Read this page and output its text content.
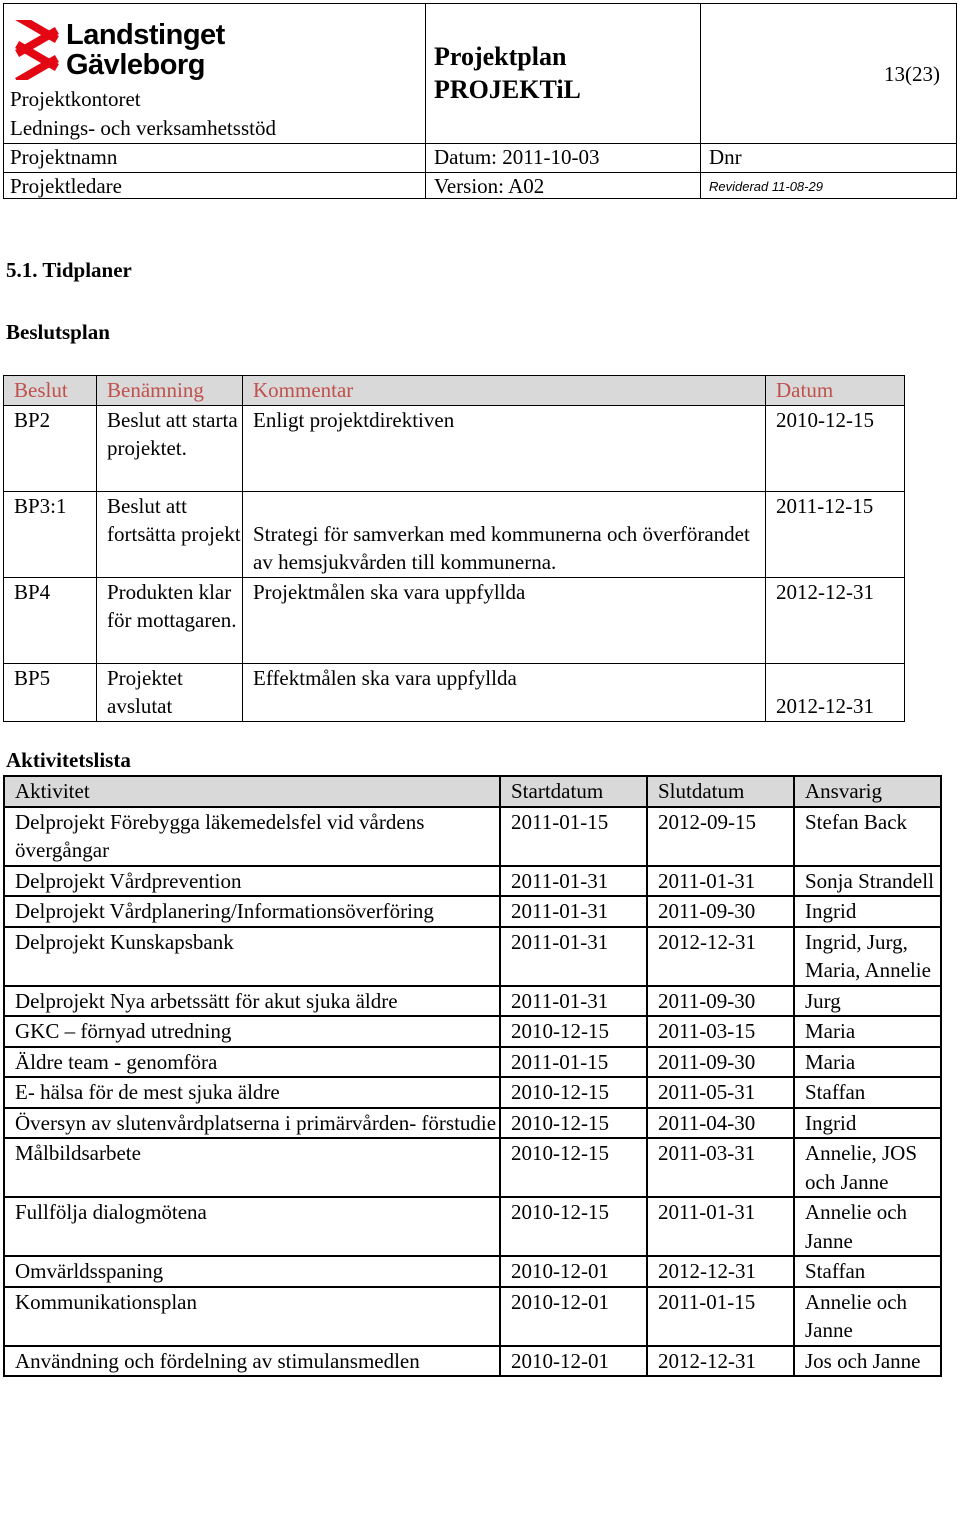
Landstinget
Gävleborg
Projektkontoret
Lednings- och verksamhetsstöd
Projektplan
PROJEKTiL
13(23)
Projektnamn	Datum: 2011-10-03	Dnr
Projektledare	Version: A02	Reviderad 11-08-29
5.1. Tidplaner
Beslutsplan
Beslut	Benämning	Kommentar	Datum
BP2	Beslut att starta projektet.	Enligt projektdirektiven	2010-12-15
BP3:1	Beslut att fortsätta projekt	Strategi för samverkan med kommunerna och överförandet av hemsjukvården till kommunerna.	2011-12-15
BP4	Produkten klar för mottagaren.	Projektmålen ska vara uppfyllda	2012-12-31
BP5	Projektet avslutat	Effektmålen ska vara uppfyllda	2012-12-31
Aktivitetslista
Aktivitet	Startdatum	Slutdatum	Ansvarig
Delprojekt Förebygga läkemedelsfel vid vårdens övergångar	2011-01-15	2012-09-15	Stefan Back
Delprojekt Vårdprevention	2011-01-31	2011-01-31	Sonja Strandell
Delprojekt Vårdplanering/Informationsöverföring	2011-01-31	2011-09-30	Ingrid
Delprojekt Kunskapsbank	2011-01-31	2012-12-31	Ingrid, Jurg, Maria, Annelie
Delprojekt Nya arbetssätt för akut sjuka äldre	2011-01-31	2011-09-30	Jurg
GKC – förnyad utredning	2010-12-15	2011-03-15	Maria
Äldre team - genomföra	2011-01-15	2011-09-30	Maria
E- hälsa för de mest sjuka äldre	2010-12-15	2011-05-31	Staffan
Översyn av slutenvårdplatserna i primärvården- förstudie	2010-12-15	2011-04-30	Ingrid
Målbildsarbete	2010-12-15	2011-03-31	Annelie, JOS och Janne
Fullfölja dialogmötena	2010-12-15	2011-01-31	Annelie och Janne
Omvärldsspaning	2010-12-01	2012-12-31	Staffan
Kommunikationsplan	2010-12-01	2011-01-15	Annelie och Janne
Användning och fördelning av stimulansmedlen	2010-12-01	2012-12-31	Jos och Janne
